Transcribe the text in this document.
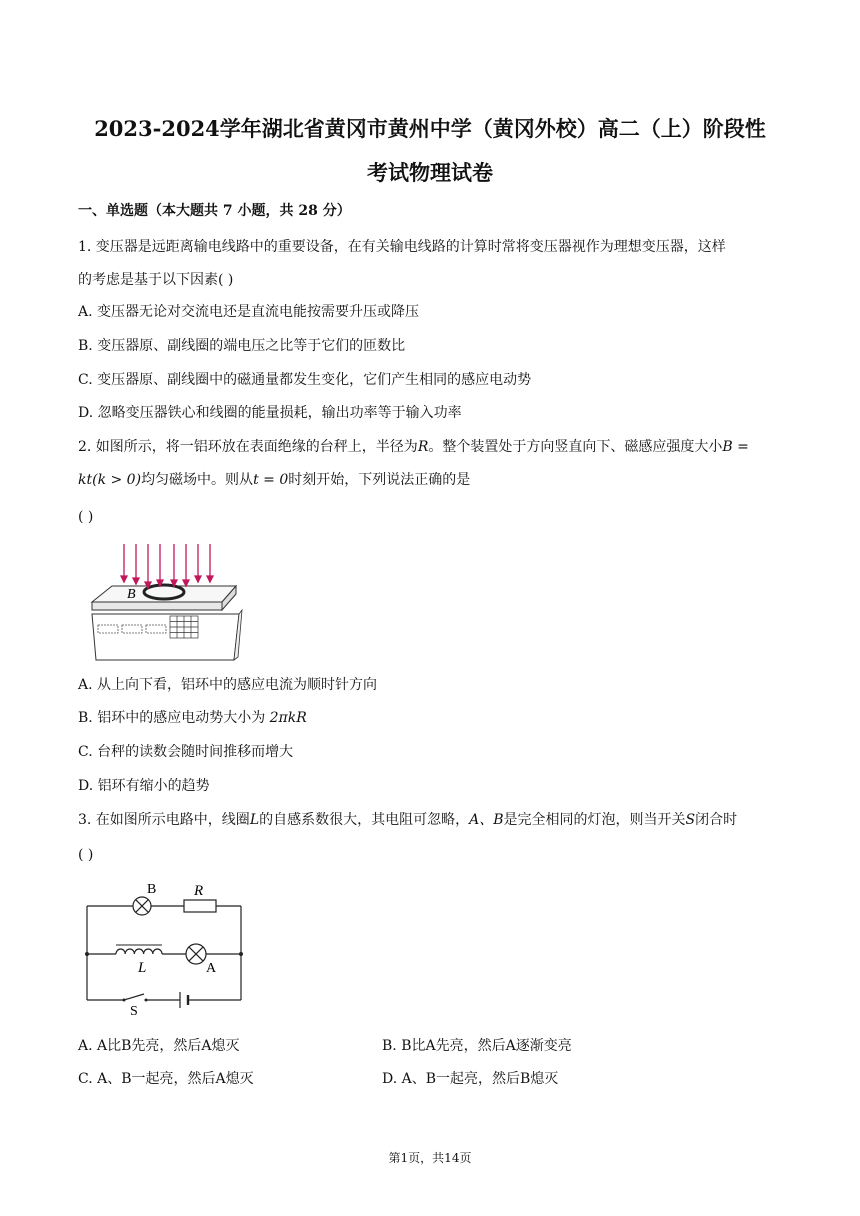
2023-2024学年湖北省黄冈市黄州中学（黄冈外校）高二（上）阶段性
考试物理试卷
一、单选题（本大题共 7 小题，共 28 分）
1. 变压器是远距离输电线路中的重要设备，在有关输电线路的计算时常将变压器视作为理想变压器，这样
的考虑是基于以下因素( )
A. 变压器无论对交流电还是直流电能按需要升压或降压
B. 变压器原、副线圈的端电压之比等于它们的匝数比
C. 变压器原、副线圈中的磁通量都发生变化，它们产生相同的感应电动势
D. 忽略变压器铁心和线圈的能量损耗，输出功率等于输入功率
2. 如图所示，将一铝环放在表面绝缘的台秤上，半径为R。整个装置处于方向竖直向下、磁感应强度大小B =
kt(k > 0)均匀磁场中。则从t = 0时刻开始，下列说法正确的是
( )
B
A. 从上向下看，铝环中的感应电流为顺时针方向
B. 铝环中的感应电动势大小为 2πkR
C. 台秤的读数会随时间推移而增大
D. 铝环有缩小的趋势
3. 在如图所示电路中，线圈L的自感系数很大，其电阻可忽略，A、B是完全相同的灯泡，则当开关S闭合时
( )
B	R
L	A
S
A. A比B先亮，然后A熄灭	B. B比A先亮，然后A逐渐变亮
C. A、B一起亮，然后A熄灭	D. A、B一起亮，然后B熄灭
第1页，共14页
